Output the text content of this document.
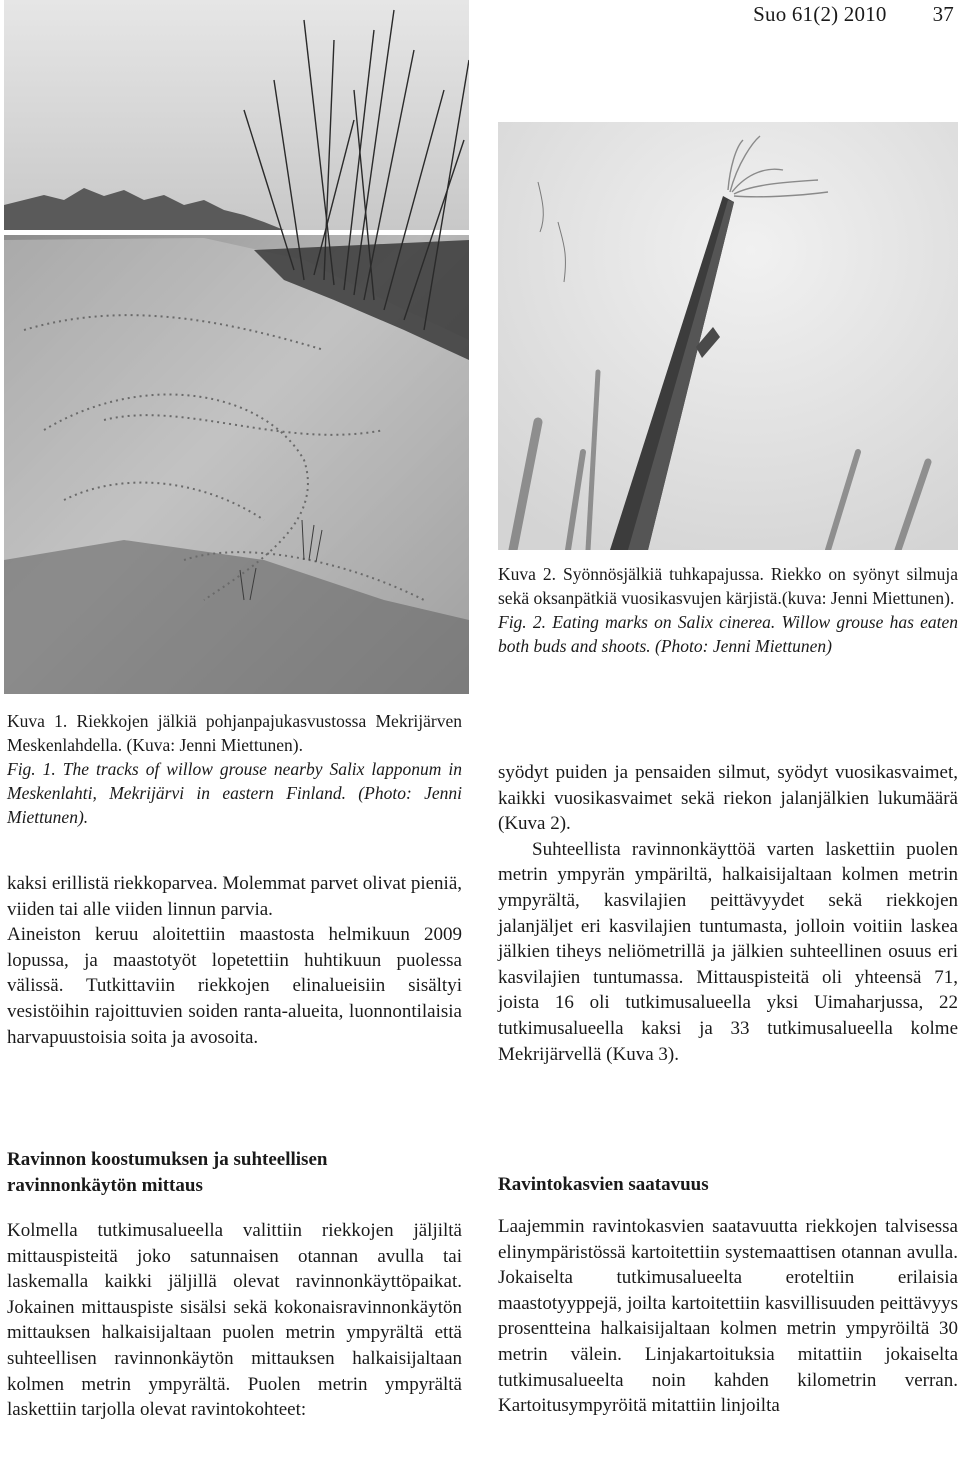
Suo 61(2) 2010 37
Kuva 1. Riekkojen jälkiä pohjanpajukasvustossa Mekrijärven Meskenlahdella. (Kuva: Jenni Miettunen).
Fig. 1. The tracks of willow grouse nearby Salix lapponum in Meskenlahti, Mekrijärvi in eastern Finland. (Photo: Jenni Miettunen).
Kuva 2. Syönnösjälkiä tuhkapajussa. Riekko on syönyt silmuja sekä oksanpätkiä vuosikasvujen kärjistä.(kuva: Jenni Miettunen).
Fig. 2. Eating marks on Salix cinerea. Willow grouse has eaten both buds and shoots. (Photo: Jenni Miettunen)

kaksi erillistä riekkoparvea. Molemmat parvet olivat pieniä, viiden tai alle viiden linnun parvia.

Aineiston keruu aloitettiin maastosta helmikuun 2009 lopussa, ja maastotyöt lopetettiin huhtikuun puolessa välissä. Tutkittaviin riekkojen elinalueisiin sisältyi vesistöihin rajoittuvien soiden ranta-alueita, luonnontilaisia harvapuustoisia soita ja avosoita.

Ravinnon koostumuksen ja suhteellisen ravinnonkäytön mittaus

Kolmella tutkimusalueella valittiin riekkojen jäljiltä mittauspisteitä joko satunnaisen otannan avulla tai laskemalla kaikki jäljillä olevat ravinnonkäyttöpaikat. Jokainen mittauspiste sisälsi sekä kokonaisravinnonkäytön mittauksen halkaisijaltaan puolen metrin ympyrältä että suhteellisen ravinnonkäytön mittauksen halkaisijaltaan kolmen metrin ympyrältä. Puolen metrin ympyrältä laskettiin tarjolla olevat ravintokohteet:

syödyt puiden ja pensaiden silmut, syödyt vuosikasvaimet, kaikki vuosikasvaimet sekä riekon jalanjälkien lukumäärä (Kuva 2).

Suhteellista ravinnonkäyttöä varten laskettiin puolen metrin ympyrän ympäriltä, halkaisijaltaan kolmen metrin ympyrältä, kasvilajien peittävyydet sekä riekkojen jalanjäljet eri kasvilajien tuntumasta, jolloin voitiin laskea jälkien tiheys neliömetrillä ja jälkien suhteellinen osuus eri kasvilajien tuntumassa. Mittauspisteitä oli yhteensä 71, joista 16 oli tutkimusalueella yksi Uimaharjussa, 22 tutkimusalueella kaksi ja 33 tutkimusalueella kolme Mekrijärvellä (Kuva 3).

Ravintokasvien saatavuus

Laajemmin ravintokasvien saatavuutta riekkojen talvisessa elinympäristössä kartoitettiin systemaattisen otannan avulla. Jokaiselta tutkimusalueelta eroteltiin erilaisia maastotyyppejä, joilta kartoitettiin kasvillisuuden peittävyys prosentteina halkaisijaltaan kolmen metrin ympyröiltä 30 metrin välein. Linjakartoituksia mitattiin jokaiselta tutkimusalueelta noin kahden kilometrin verran. Kartoitusympyröitä mitattiin linjoilta
